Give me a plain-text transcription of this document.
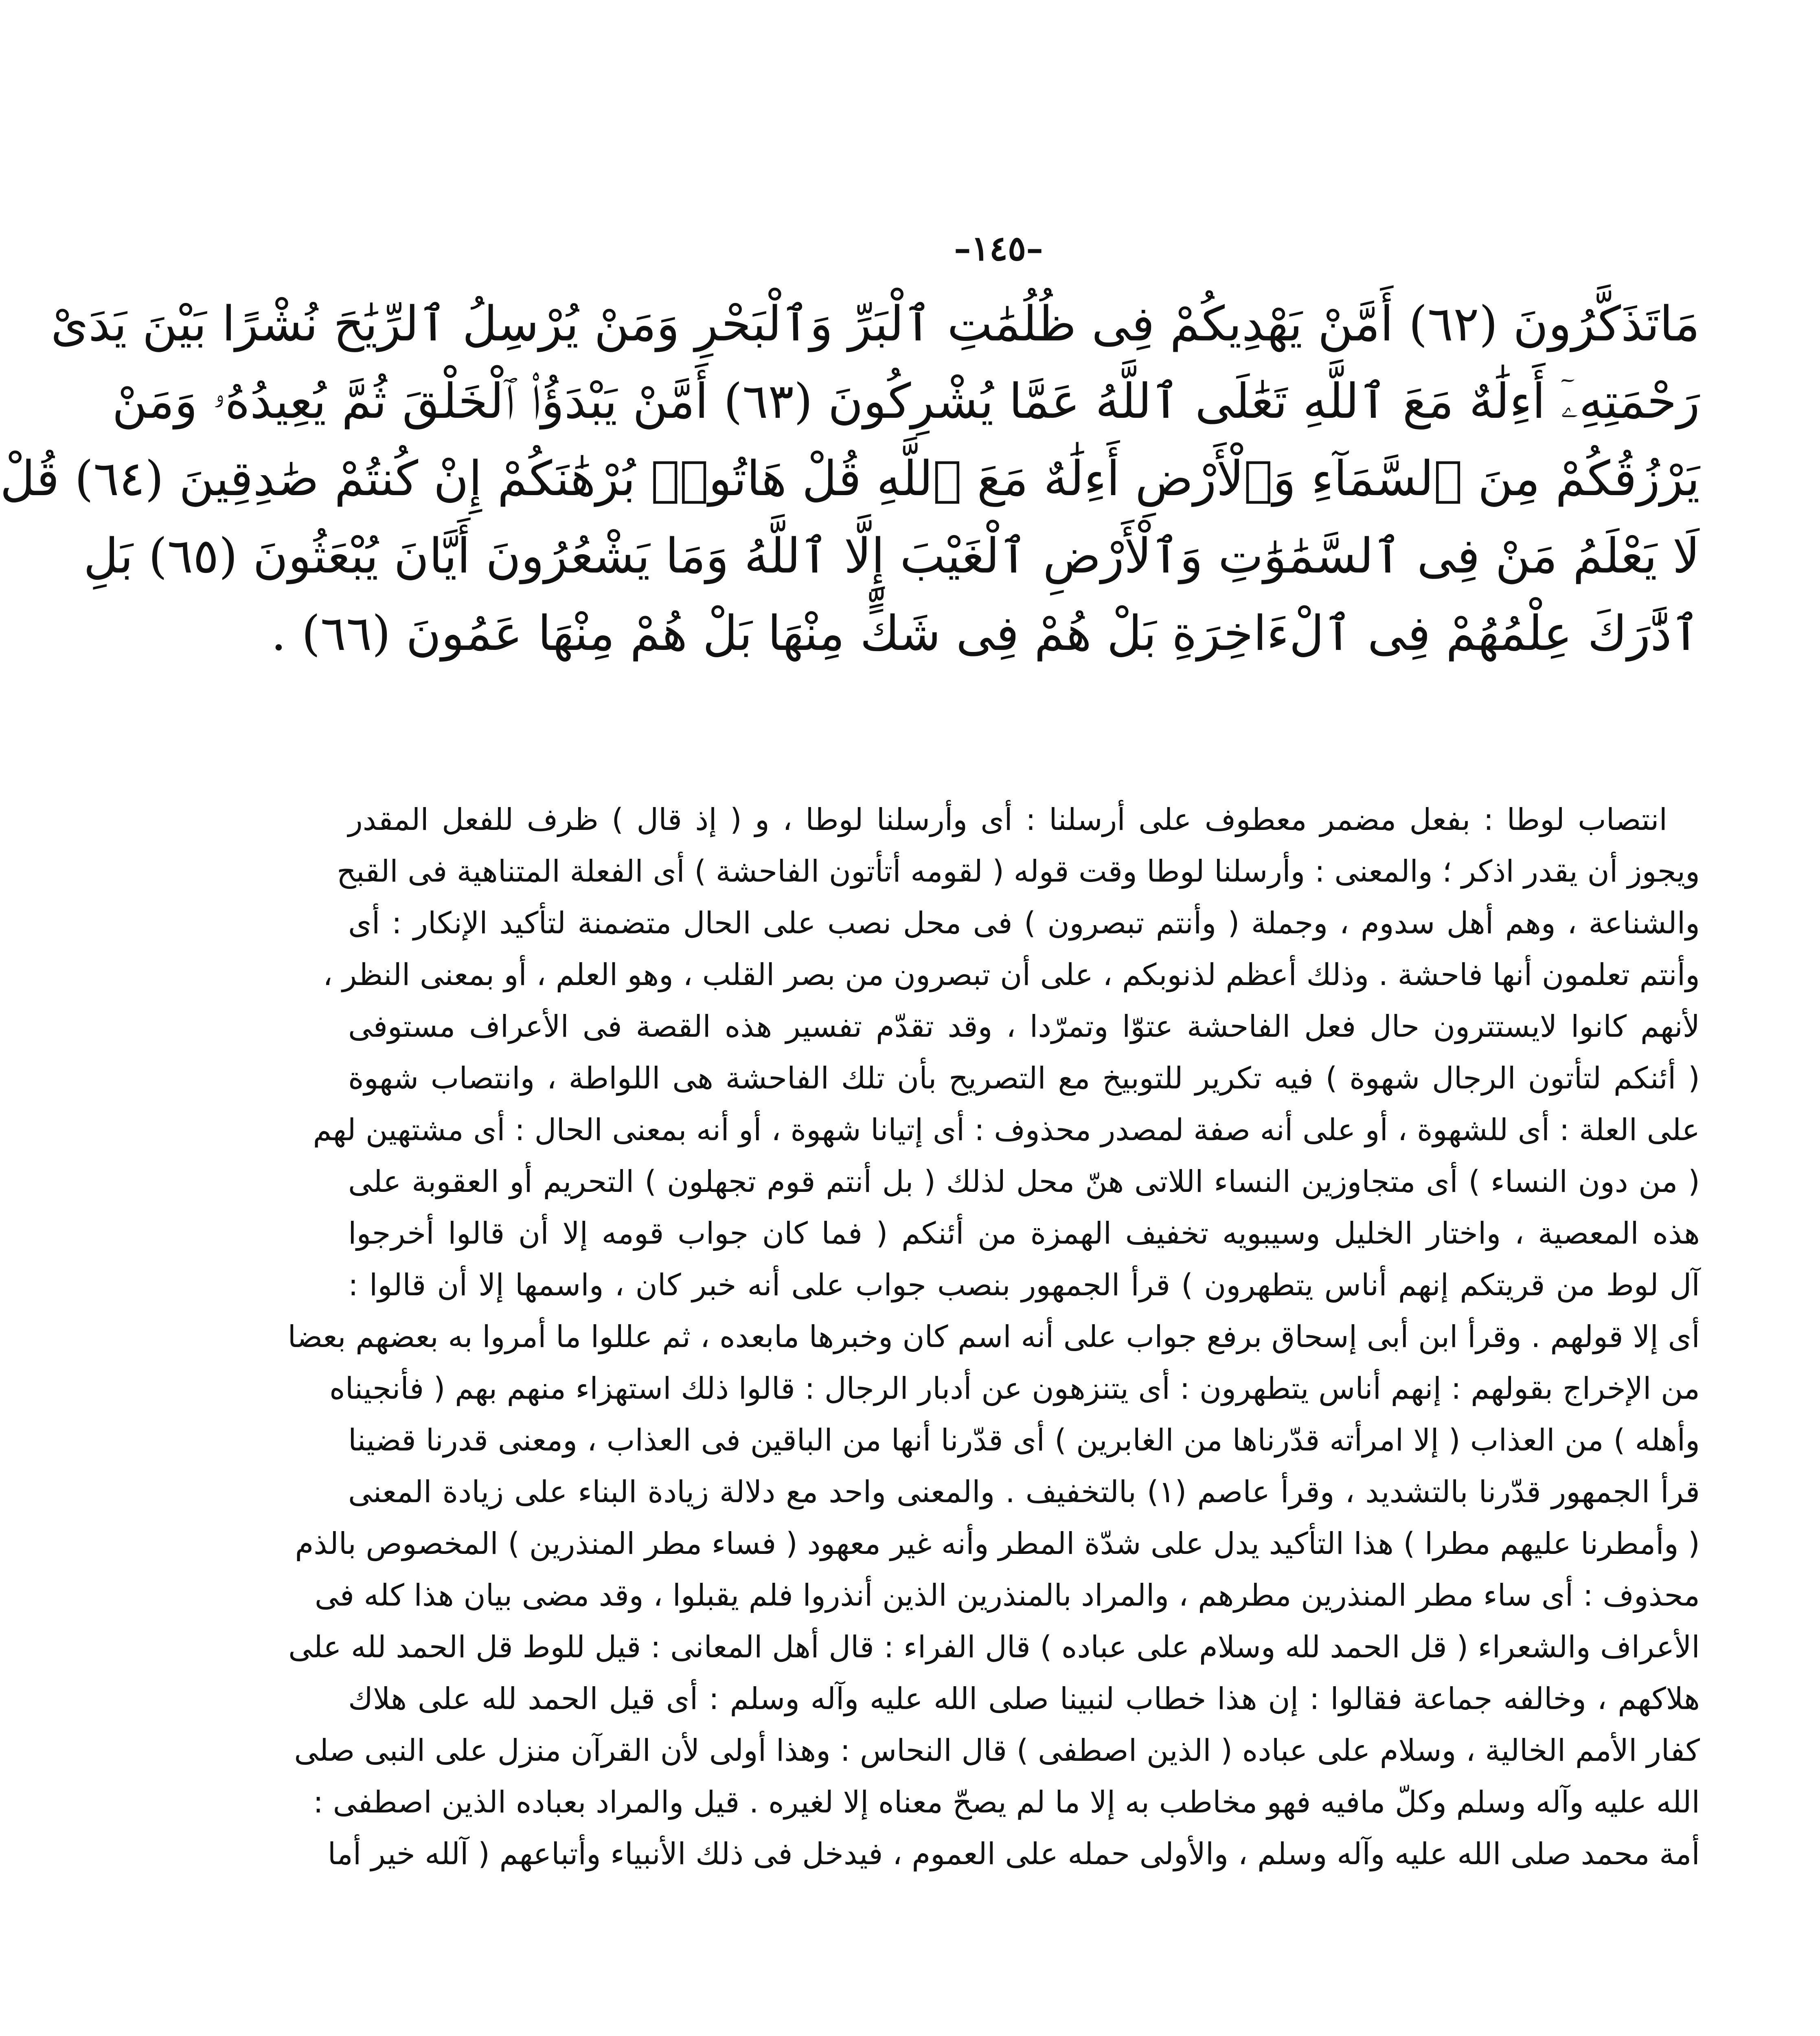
–١٤٥–
مَاتَذَكَّرُونَ (٦٢) أَمَّنْ يَهْدِيكُمْ فِى ظُلُمَٰتِ ٱلْبَرِّ وَٱلْبَحْرِ وَمَنْ يُرْسِلُ ٱلرِّيَٰحَ نُشْرًا بَيْنَ يَدَىْ
رَحْمَتِهِۦٓ أَءِلَٰهٌ مَعَ ٱللَّهِ تَعَٰلَى ٱللَّهُ عَمَّا يُشْرِكُونَ (٦٣) أَمَّنْ يَبْدَؤُا۟ ٱلْخَلْقَ ثُمَّ يُعِيدُهُۥ وَمَنْ
يَرْزُقُكُمْ مِنَ ٱلسَّمَآءِ وَٱلْأَرْضِ أَءِلَٰهٌ مَعَ ٱللَّهِ قُلْ هَاتُوا۟ بُرْهَٰنَكُمْ إِنْ كُنتُمْ صَٰدِقِينَ (٦٤) قُلْ
لَا يَعْلَمُ مَنْ فِى ٱلسَّمَٰوَٰتِ وَٱلْأَرْضِ ٱلْغَيْبَ إِلَّا ٱللَّهُ وَمَا يَشْعُرُونَ أَيَّانَ يُبْعَثُونَ (٦٥) بَلِ
ٱدَّٰرَكَ عِلْمُهُمْ فِى ٱلْءَاخِرَةِ بَلْ هُمْ فِى شَكٍّ مِنْهَا بَلْ هُمْ مِنْهَا عَمُونَ (٦٦) .
انتصاب لوطا : بفعل مضمر معطوف على أرسلنا : أى وأرسلنا لوطا ، و ( إذ قال ) ظرف للفعل المقدر
ويجوز أن يقدر اذكر ؛ والمعنى : وأرسلنا لوطا وقت قوله ( لقومه أتأتون الفاحشة ) أى الفعلة المتناهية فى القبح
والشناعة ، وهم أهل سدوم ، وجملة ( وأنتم تبصرون ) فى محل نصب على الحال متضمنة لتأكيد الإنكار : أى
وأنتم تعلمون أنها فاحشة . وذلك أعظم لذنوبكم ، على أن تبصرون من بصر القلب ، وهو العلم ، أو بمعنى النظر ،
لأنهم كانوا لايستترون حال فعل الفاحشة عتوّا وتمرّدا ، وقد تقدّم تفسير هذه القصة فى الأعراف مستوفى
( أئنكم لتأتون الرجال شهوة ) فيه تكرير للتوبيخ مع التصريح بأن تلك الفاحشة هى اللواطة ، وانتصاب شهوة
على العلة : أى للشهوة ، أو على أنه صفة لمصدر محذوف : أى إتيانا شهوة ، أو أنه بمعنى الحال : أى مشتهين لهم
( من دون النساء ) أى متجاوزين النساء اللاتى هنّ محل لذلك ( بل أنتم قوم تجهلون ) التحريم أو العقوبة على
هذه المعصية ، واختار الخليل وسيبويه تخفيف الهمزة من أئنكم ( فما كان جواب قومه إلا أن قالوا أخرجوا
آل لوط من قريتكم إنهم أناس يتطهرون ) قرأ الجمهور بنصب جواب على أنه خبر كان ، واسمها إلا أن قالوا :
أى إلا قولهم . وقرأ ابن أبى إسحاق برفع جواب على أنه اسم كان وخبرها مابعده ، ثم عللوا ما أمروا به بعضهم بعضا
من الإخراج بقولهم : إنهم أناس يتطهرون : أى يتنزهون عن أدبار الرجال : قالوا ذلك استهزاء منهم بهم ( فأنجيناه
وأهله ) من العذاب ( إلا امرأته قدّرناها من الغابرين ) أى قدّرنا أنها من الباقين فى العذاب ، ومعنى قدرنا قضينا
قرأ الجمهور قدّرنا بالتشديد ، وقرأ عاصم (١) بالتخفيف . والمعنى واحد مع دلالة زيادة البناء على زيادة المعنى
( وأمطرنا عليهم مطرا ) هذا التأكيد يدل على شدّة المطر وأنه غير معهود ( فساء مطر المنذرين ) المخصوص بالذم
محذوف : أى ساء مطر المنذرين مطرهم ، والمراد بالمنذرين الذين أنذروا فلم يقبلوا ، وقد مضى بيان هذا كله فى
الأعراف والشعراء ( قل الحمد لله وسلام على عباده ) قال الفراء : قال أهل المعانى : قيل للوط قل الحمد لله على
هلاكهم ، وخالفه جماعة فقالوا : إن هذا خطاب لنبينا صلى الله عليه وآله وسلم : أى قيل الحمد لله على هلاك
كفار الأمم الخالية ، وسلام على عباده ( الذين اصطفى ) قال النحاس : وهذا أولى لأن القرآن منزل على النبى صلى
الله عليه وآله وسلم وكلّ مافيه فهو مخاطب به إلا ما لم يصحّ معناه إلا لغيره . قيل والمراد بعباده الذين اصطفى :
أمة محمد صلى الله عليه وآله وسلم ، والأولى حمله على العموم ، فيدخل فى ذلك الأنبياء وأتباعهم ( آلله خير أما
